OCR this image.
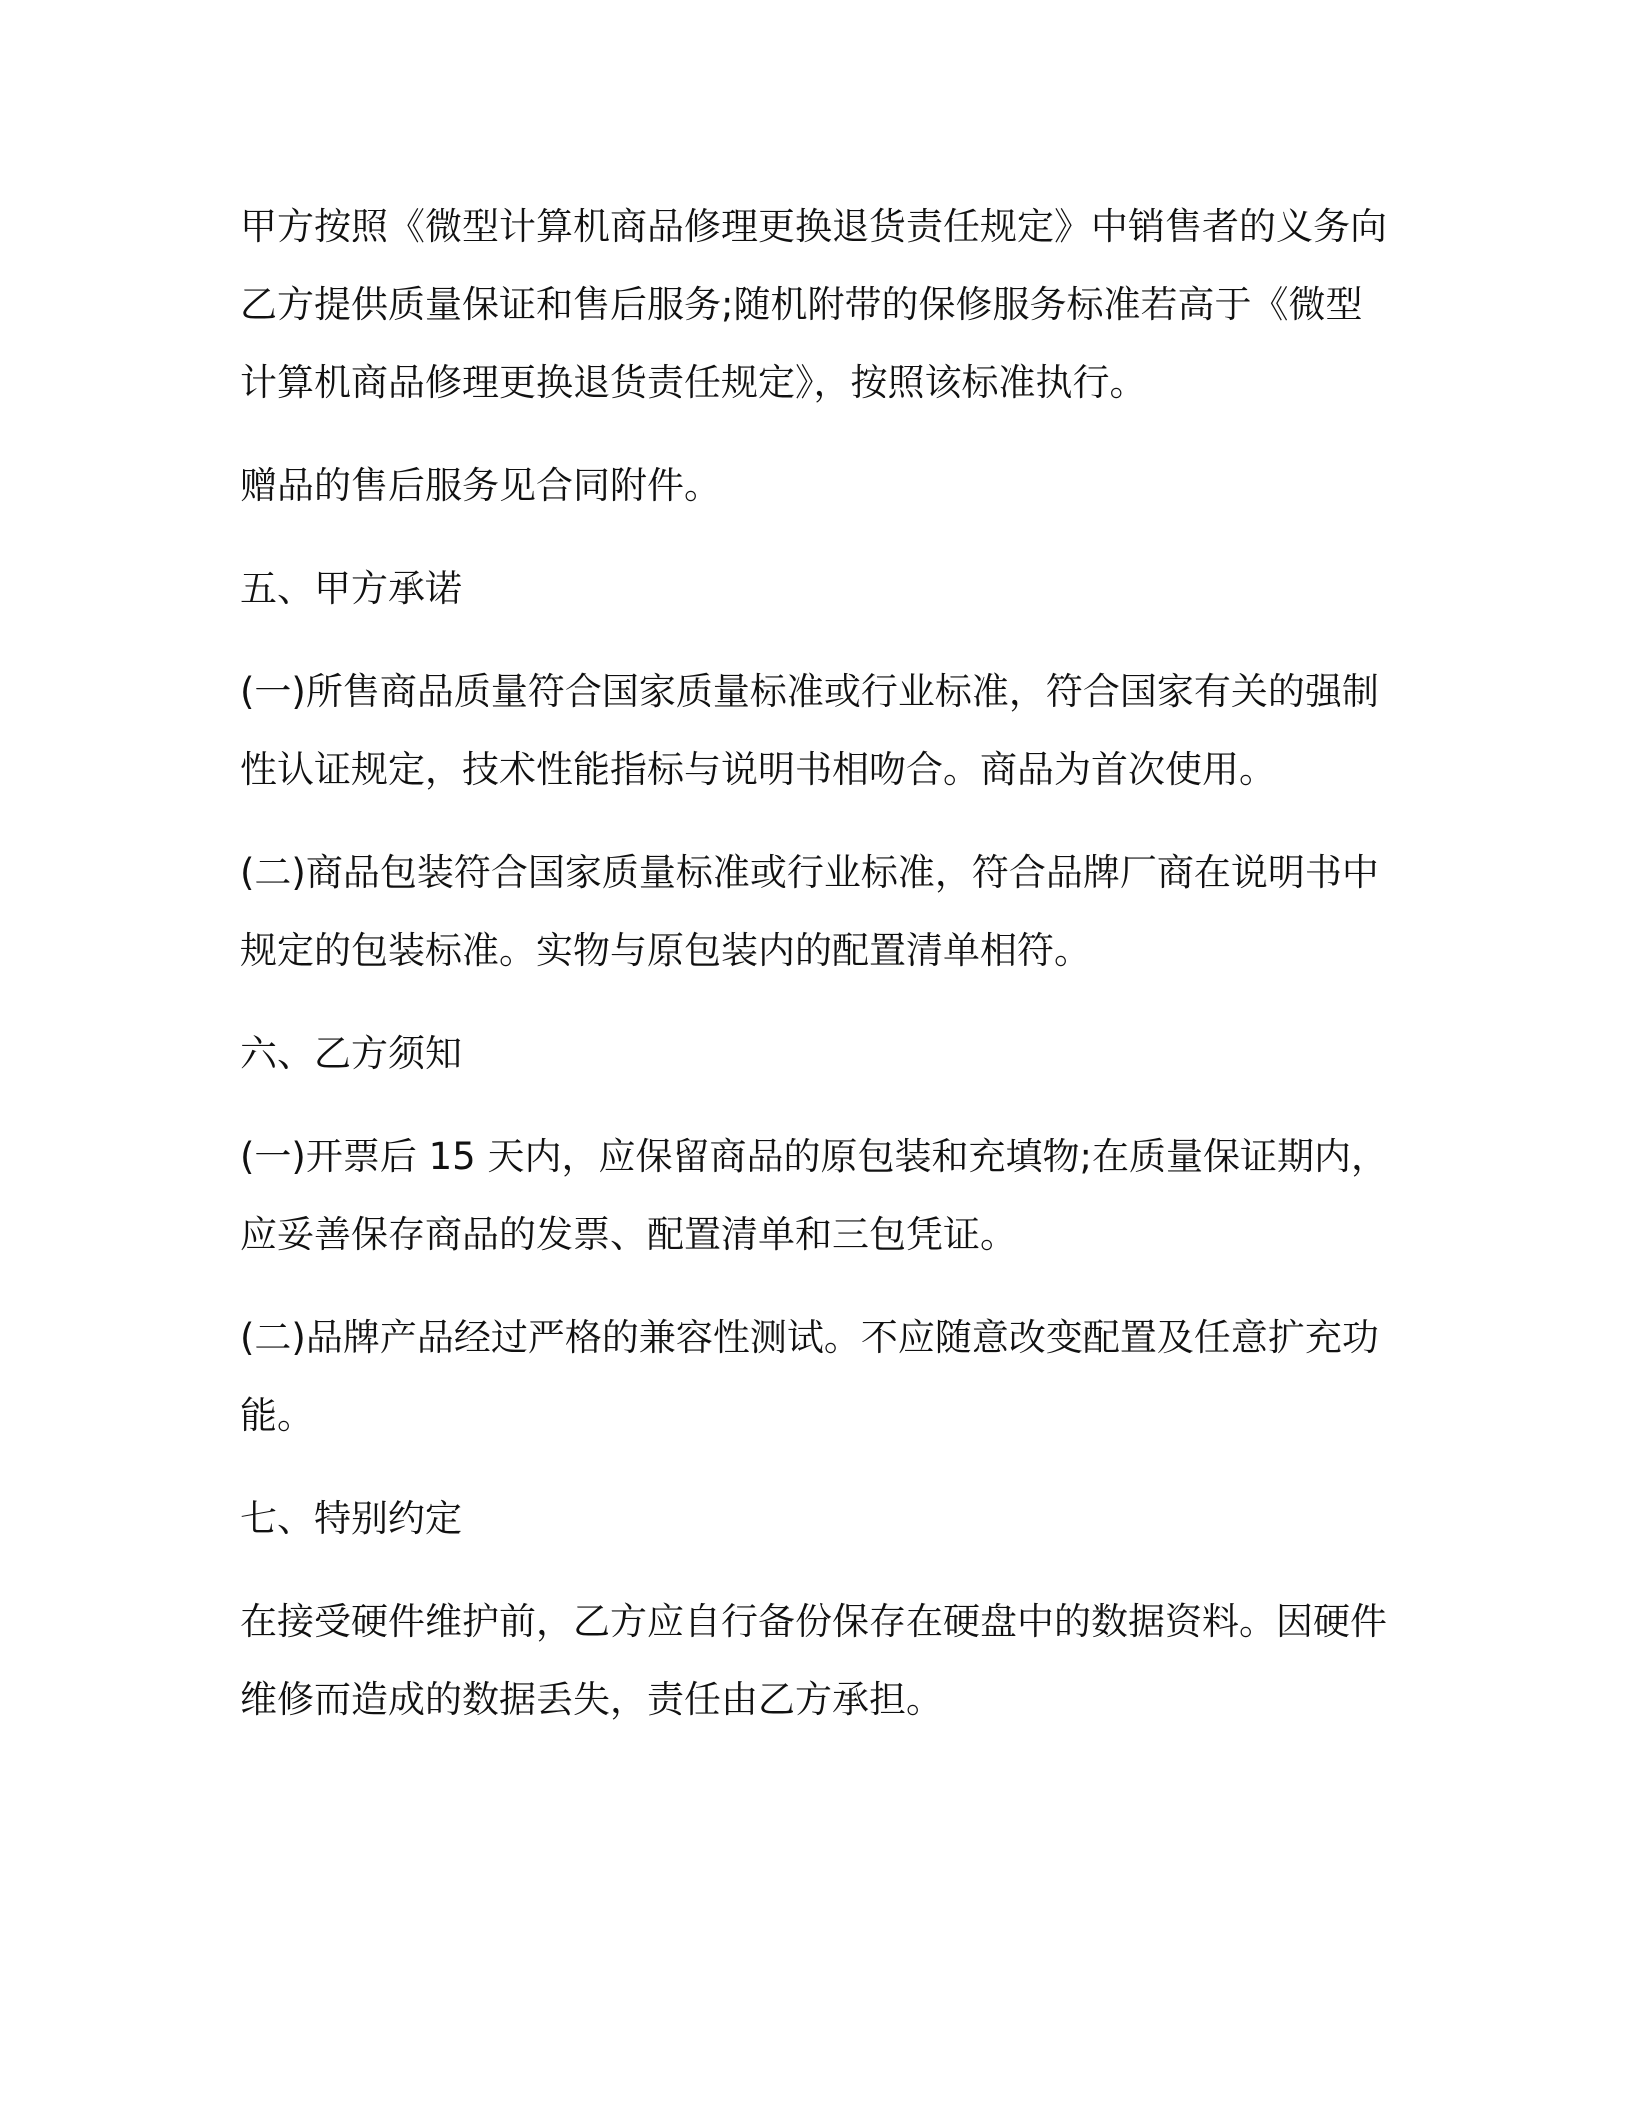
甲方按照《微型计算机商品修理更换退货责任规定》中销售者的义务向乙方提供质量保证和售后服务;随机附带的保修服务标准若高于《微型计算机商品修理更换退货责任规定》，按照该标准执行。

赠品的售后服务见合同附件。

五、甲方承诺

(一)所售商品质量符合国家质量标准或行业标准，符合国家有关的强制性认证规定，技术性能指标与说明书相吻合。商品为首次使用。

(二)商品包装符合国家质量标准或行业标准，符合品牌厂商在说明书中规定的包装标准。实物与原包装内的配置清单相符。

六、乙方须知

(一)开票后 15 天内，应保留商品的原包装和充填物;在质量保证期内，应妥善保存商品的发票、配置清单和三包凭证。

(二)品牌产品经过严格的兼容性测试。不应随意改变配置及任意扩充功能。

七、特别约定

在接受硬件维护前，乙方应自行备份保存在硬盘中的数据资料。因硬件维修而造成的数据丢失，责任由乙方承担。
